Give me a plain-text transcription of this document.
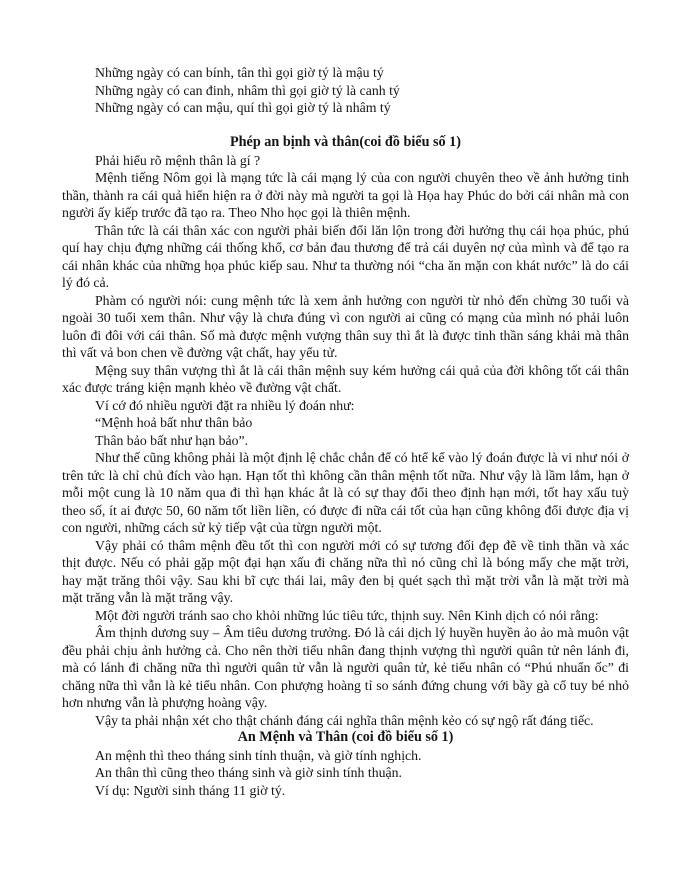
Những ngày có can bính, tân thì gọi giờ tý là mậu tý
Những ngày có can đinh, nhâm thì gọi giờ tý là canh tý
Những ngày có can mậu, quí thì gọi giờ tý là nhâm tý
Phép an bịnh và thân(coi đồ biểu số 1)
Phải hiểu rõ mệnh thân là gí ?

Mệnh tiếng Nôm gọi là mạng tức là cái mạng lý của con người chuyên theo về ảnh hưởng tinh thần, thành ra cái quả hiển hiện ra ở đời này mà người ta gọi là Họa hay Phúc do bởi cái nhân mà con người ấy kiếp trước đã tạo ra. Theo Nho học gọi là thiên mệnh.

Thân tức là cái thân xác con người phải biến đổi lăn lộn trong đời hưởng thụ cái họa phúc, phú quí hay chịu đựng những cái thống khổ, cơ bản đau thương để trả cái duyên nợ của mình và để tạo ra cái nhân khác của những họa phúc kiếp sau. Như ta thường nói “cha ăn mặn con khát nước” là do cái lý đó cả.

Phàm có người nói: cung mệnh tức là xem ảnh hưởng con người từ nhỏ đến chừng 30 tuổi và ngoài 30 tuổi xem thân. Như vậy là chưa đúng vì con người ai cũng có mạng của mình nó phải luôn luôn đi đôi với cái thân. Số mà được mệnh vượng thân suy thì ắt là được tinh thần sáng khải mà thân thì vất vả bon chen về đường vật chất, hay yểu tử.

Mệng suy thân vượng thì ắt là cái thân mệnh suy kém hưởng cái quả của đời không tốt cái thân xác được tráng kiện mạnh khẻo về đường vật chất.

Ví cớ đó nhiều người đặt ra nhiều lý đoán như:
“Mệnh hoả bất như thân bảo
Thân bảo bất như hạn bảo”.

Như thế cũng không phải là một định lệ chắc chắn để có htể kể vào lý đoán được là vi như nói ở trên tức là chỉ chủ đích vào hạn. Hạn tốt thì không cần thân mệnh tốt nữa. Như vậy là lầm lắm, hạn ở mỗi một cung là 10 năm qua đi thì hạn khác ắt là có sự thay đổi theo định hạn mới, tốt hay xấu tuỳ theo số, ít ai được 50, 60 năm tốt liền liền, có được đi nữa cái tốt của hạn cũng không đổi được địa vị con người, những cách sử kỷ tiếp vật của từgn người một.

Vậy phải có thâm mệnh đều tốt thì con người mới có sự tương đối đẹp đẽ về tinh thần và xác thịt được. Nếu có phải gặp một đại hạn xấu đi chăng nữa thì nó cũng chỉ là bóng mấy che mặt trời, hay mặt trăng thôi vậy. Sau khi bĩ cực thái lai, mây đen bị quét sạch thì mặt trời vẫn là mặt trời mà mặt trăng vẫn là mặt trăng vậy.

Một đời người tránh sao cho khỏi những lúc tiêu tức, thịnh suy. Nên Kinh dịch có nói rằng:

Âm thịnh dương suy – Âm tiêu dương trưởng. Đó là cái dịch lý huyền huyền ảo ảo mà muôn vật đều phải chịu ảnh hưởng cả. Cho nên thời tiểu nhân đang thịnh vượng thì người quân tử nên lánh đi, mà có lánh đi chăng nữa thì người quân tử vẫn là người quân tử, kẻ tiểu nhân có “Phú nhuẩn ốc” đi chăng nữa thì vẫn là kẻ tiểu nhân. Con phượng hoàng tỉ so sánh đứng chung với bầy gà cổ tuy bé nhỏ hơn nhưng vẫn là phượng hoàng vậy.

Vậy ta phải nhận xét cho thật chánh đáng cái nghĩa thân mệnh kẻo có sự ngộ rất đáng tiếc.

An Mệnh và Thân (coi đồ biểu số 1)
An mệnh thì theo tháng sinh tính thuận, và giờ tính nghịch.
An thân thì cũng theo tháng sinh và giờ sinh tính thuận.
Ví dụ: Người sinh tháng 11 giờ tý.
